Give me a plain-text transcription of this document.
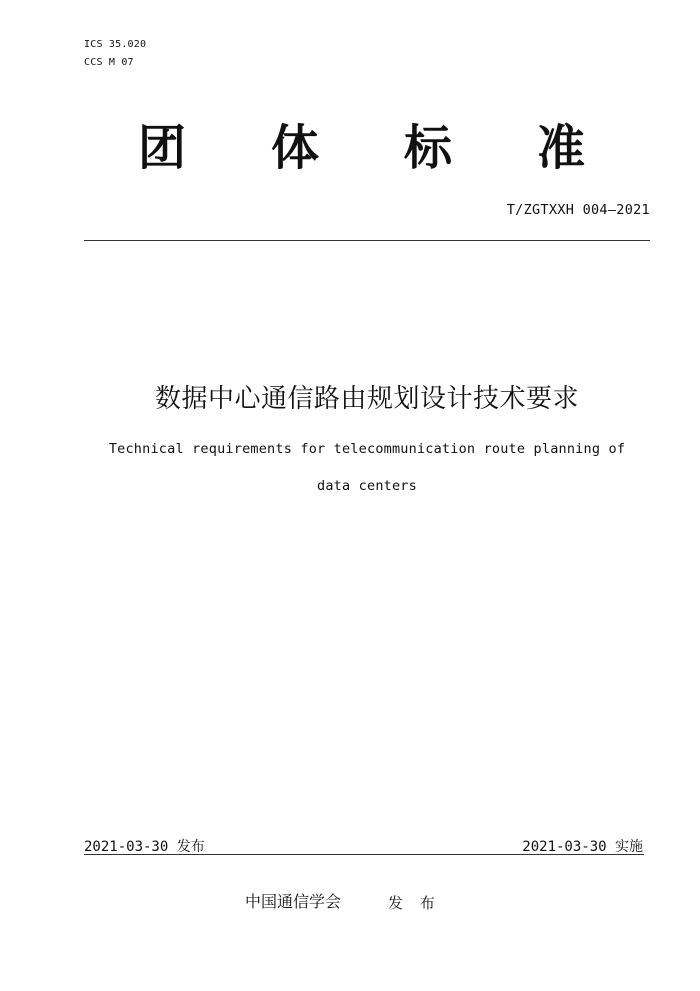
ICS 35.020
CCS M 07
团体标准
T/ZGTXXH 004—2021
数据中心通信路由规划设计技术要求
Technical requirements for telecommunication route planning of
data centers
2021-03-30 发布	2021-03-30 实施
中国通信学会	发 布
